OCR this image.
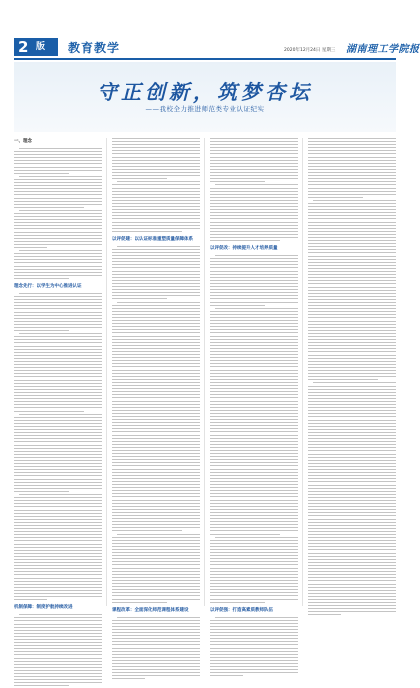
2 版 教育教学	2020年12月24日 星期三 湖南理工学院报
守正创新，筑梦杏坛
——我校全力推进师范类专业认证纪实
一、理念
理念先行：以学生为中心推进认证
机制保障：制度护航持续改进
以评促建：以认证标准重塑质量保障体系
课程改革：全面深化师范课程体系建设
以评促改：持续提升人才培养质量
以评促强：打造高素质教师队伍
